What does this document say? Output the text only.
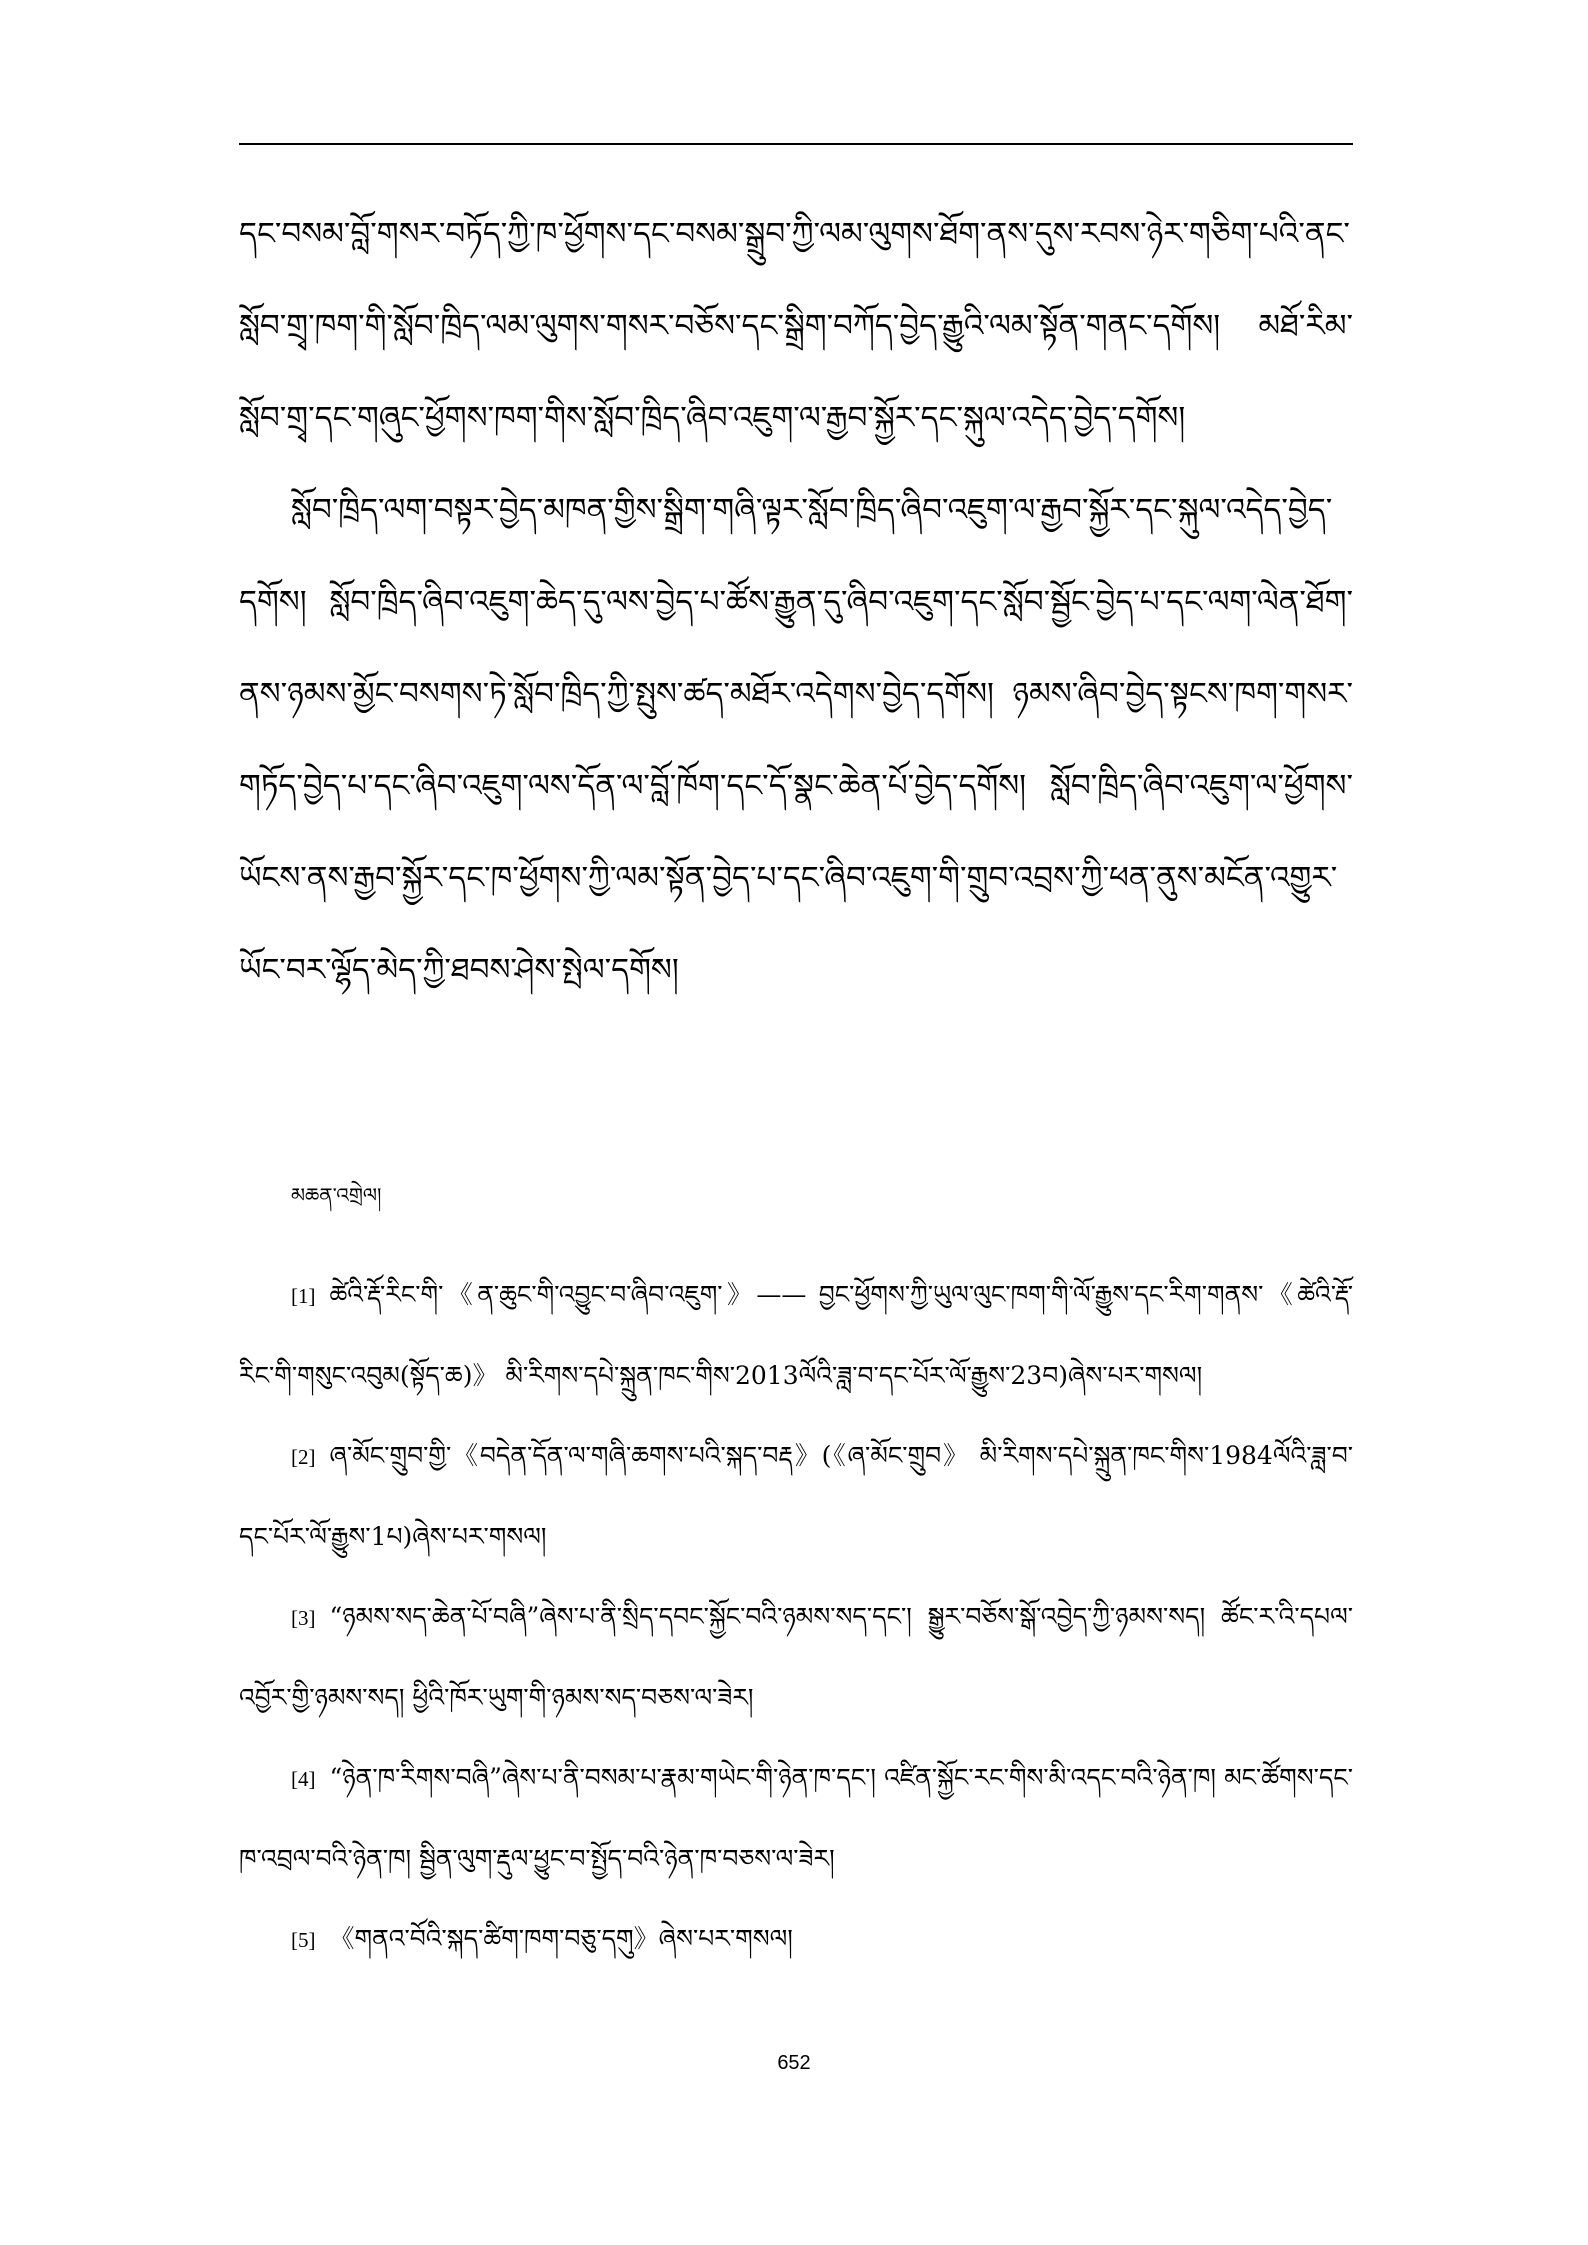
དང་བསམ་བློ་གསར་བཏོད་ཀྱི་ཁ་ཕྱོགས་དང་བསམ་སྒྲུབ་ཀྱི་ལམ་ལུགས་ཐོག་ནས་དུས་རབས་ཉེར་གཅིག་པའི་ནང་སློབ་གྲྭ་ཁག་གི་སློབ་ཁྲིད་ལམ་ལུགས་གསར་བཅོས་དང་སྒྲིག་བཀོད་བྱེད་རྒྱུའི་ལམ་སྟོན་གནང་དགོས། མཐོ་རིམ་སློབ་གྲྭ་དང་གཞུང་ཕྱོགས་ཁག་གིས་སློབ་ཁྲིད་ཞིབ་འཇུག་ལ་རྒྱབ་སྐྱོར་དང་སྐུལ་འདེད་བྱེད་དགོས།

སློབ་ཁྲིད་ལག་བསྟར་བྱེད་མཁན་གྱིས་སྒྲིག་གཞི་ལྟར་སློབ་ཁྲིད་ཞིབ་འཇུག་ལ་རྒྱབ་སྐྱོར་དང་སྐུལ་འདེད་བྱེད་དགོས། སློབ་ཁྲིད་ཞིབ་འཇུག་ཆེད་དུ་ལས་བྱེད་པ་ཚོས་རྒྱུན་དུ་ཞིབ་འཇུག་དང་སློབ་སྦྱོང་བྱེད་པ་དང་ལག་ལེན་ཐོག་ནས་ཉམས་མྱོང་བསགས་ཏེ་སློབ་ཁྲིད་ཀྱི་སྤུས་ཚད་མཐོར་འདེགས་བྱེད་དགོས། ཉམས་ཞིབ་བྱེད་སྟངས་ཁག་གསར་གཏོད་བྱེད་པ་དང་ཞིབ་འཇུག་ལས་དོན་ལ་བློ་ཁོག་དང་དོ་སྣང་ཆེན་པོ་བྱེད་དགོས། སློབ་ཁྲིད་ཞིབ་འཇུག་ལ་ཕྱོགས་ཡོངས་ནས་རྒྱབ་སྐྱོར་དང་ཁ་ཕྱོགས་ཀྱི་ལམ་སྟོན་བྱེད་པ་དང་ཞིབ་འཇུག་གི་གྲུབ་འབྲས་ཀྱི་ཕན་ནུས་མངོན་འགྱུར་ཡོང་བར་ལྷོད་མེད་ཀྱི་ཐབས་ཤེས་སྤེལ་དགོས།

མཆན་འགྲེལ།

[1] ཚེའི་རྡོ་རིང་གི་《ན་ཆུང་གི་འབྱུང་བ་ཞིབ་འཇུག་》—— བྱང་ཕྱོགས་ཀྱི་ཡུལ་ལུང་ཁག་གི་ལོ་རྒྱུས་དང་རིག་གནས་《ཚེའི་རྡོ་རིང་གི་གསུང་འབུམ(སྟོད་ཆ)》 མི་རིགས་དཔེ་སྐྲུན་ཁང་གིས་2013ལོའི་ཟླ་བ་དང་པོར་ལོ་རྒྱུས་23བ)ཞེས་པར་གསལ།

[2] ཞ་མོང་གྲུབ་གྱི་《བདེན་དོན་ལ་གཞི་ཆགས་པའི་སྐད་བརྡ》(《ཞ་མོང་གྲུབ》 མི་རིགས་དཔེ་སྐྲུན་ཁང་གིས་1984ལོའི་ཟླ་བ་དང་པོར་ལོ་རྒྱུས་1པ)ཞེས་པར་གསལ།

[3] “ཉམས་སད་ཆེན་པོ་བཞི”ཞེས་པ་ནི་སྲིད་དབང་སྐྱོང་བའི་ཉམས་སད་དང་། སྒྱུར་བཅོས་སྒོ་འབྱེད་ཀྱི་ཉམས་སད། ཚོང་ར་འི་དཔལ་འབྱོར་གྱི་ཉམས་སད། ཕྱིའི་ཁོར་ཡུག་གི་ཉམས་སད་བཅས་ལ་ཟེར།

[4] “ཉེན་ཁ་རིགས་བཞི”ཞེས་པ་ནི་བསམ་པ་རྣམ་གཡེང་གི་ཉེན་ཁ་དང་། འཛིན་སྐྱོང་རང་གིས་མི་འདང་བའི་ཉེན་ཁ། མང་ཚོགས་དང་ཁ་འབྲལ་བའི་ཉེན་ཁ། སྦྱིན་ལུག་རྡུལ་ཕྱུང་བ་སྤྱོད་བའི་ཉེན་ཁ་བཅས་ལ་ཟེར།

[5] 《གནའ་བོའི་སྐད་ཚིག་ཁག་བཅུ་དགུ》ཞེས་པར་གསལ།

652
